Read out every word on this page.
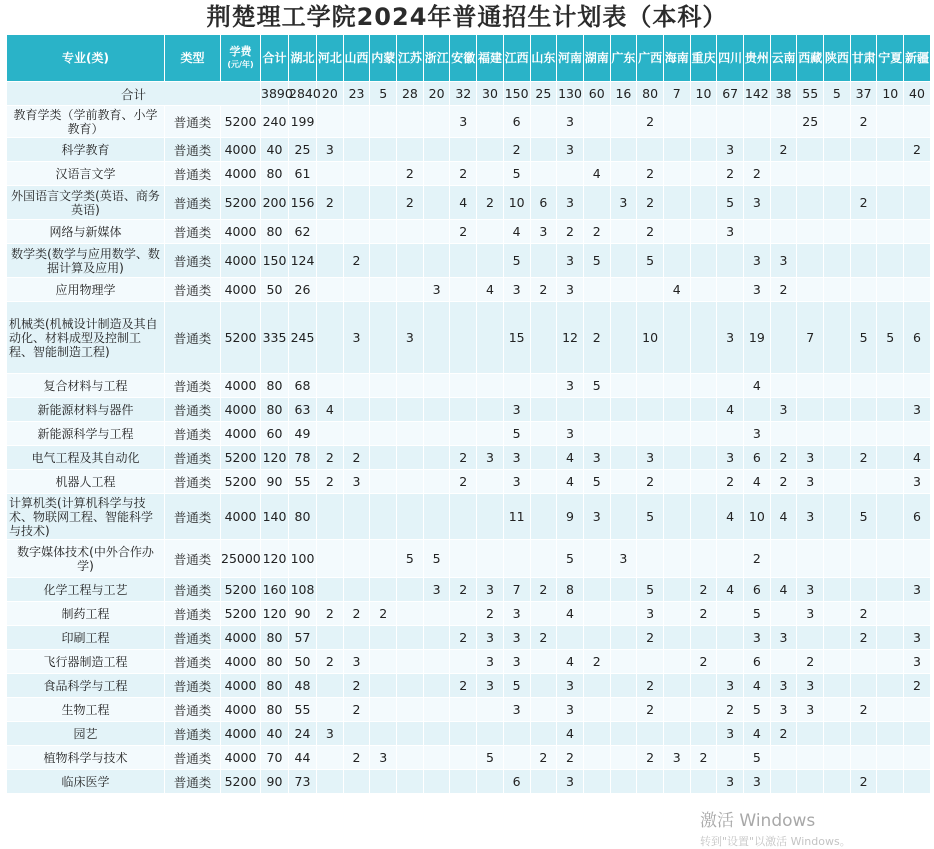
荆楚理工学院2024年普通招生计划表（本科）
专业(类)	类型	学费
(元/年)	合计	湖北	河北	山西	内蒙	江苏	浙江	安徽	福建	江西	山东	河南	湖南	广东	广西	海南	重庆	四川	贵州	云南	西藏	陕西	甘肃	宁夏	新疆
合计			3890	2840	20	23	5	28	20	32	30	150	25	130	60	16	80	7	10	67	142	38	55	5	37	10	40
教育学类（学前教育、小学教育）	普通类	5200	240	199						3		6		3			2						25		2		
科学教育	普通类	4000	40	25	3							2		3						3		2					2
汉语言文学	普通类	4000	80	61				2		2		5			4		2			2	2						
外国语言文学类(英语、商务英语)	普通类	5200	200	156	2			2		4	2	10	6	3		3	2			5	3				2		
网络与新媒体	普通类	4000	80	62						2		4	3	2	2		2			3							
数学类(数学与应用数学、数据计算及应用)	普通类	4000	150	124		2						5		3	5		5				3	3					
应用物理学	普通类	4000	50	26					3		4	3	2	3				4			3	2					
机械类(机械设计制造及其自动化、材料成型及控制工程、智能制造工程)	普通类	5200	335	245		3		3				15		12	2		10			3	19		7		5	5	6
复合材料与工程	普通类	4000	80	68										3	5						4						
新能源材料与器件	普通类	4000	80	63	4							3								4		3					3
新能源科学与工程	普通类	4000	60	49								5		3							3						
电气工程及其自动化	普通类	5200	120	78	2	2				2	3	3		4	3		3			3	6	2	3		2		4
机器人工程	普通类	5200	90	55	2	3				2		3		4	5		2			2	4	2	3				3
计算机类(计算机科学与技术、物联网工程、智能科学与技术)	普通类	4000	140	80								11		9	3		5			4	10	4	3		5		6
数字媒体技术(中外合作办学)	普通类	25000	120	100				5	5					5		3					2						
化学工程与工艺	普通类	5200	160	108					3	2	3	7	2	8			5		2	4	6	4	3				3
制药工程	普通类	5200	120	90	2	2	2				2	3		4			3		2		5		3		2		
印刷工程	普通类	4000	80	57						2	3	3	2				2				3	3			2		3
飞行器制造工程	普通类	4000	80	50	2	3					3	3		4	2				2		6		2				3
食品科学与工程	普通类	4000	80	48		2				2	3	5		3			2			3	4	3	3				2
生物工程	普通类	4000	80	55		2						3		3			2			2	5	3	3		2		
园艺	普通类	4000	40	24	3									4						3	4	2					
植物科学与技术	普通类	4000	70	44		2	3				5		2	2			2	3	2		5						
临床医学	普通类	5200	90	73								6		3						3	3				2		
激活 Windows
转到"设置"以激活 Windows。
